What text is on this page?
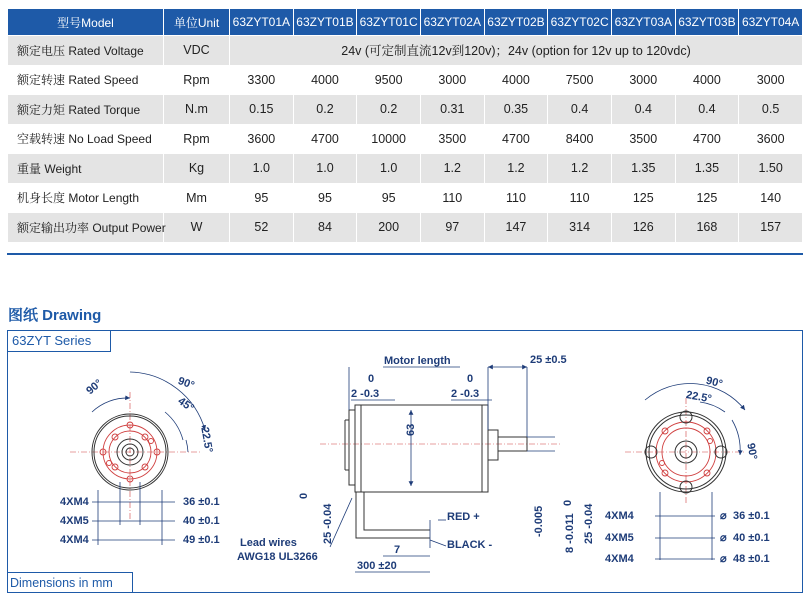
型号Model	单位Unit	63ZYT01A	63ZYT01B	63ZYT01C	63ZYT02A	63ZYT02B	63ZYT02C	63ZYT03A	63ZYT03B	63ZYT04A
额定电压 Rated Voltage	VDC	24v (可定制直流12v到120v)；24v (option for 12v up to 120vdc)								
额定转速 Rated Speed	Rpm	3300	4000	9500	3000	4000	7500	3000	4000	3000
额定力矩 Rated Torque	N.m	0.15	0.2	0.2	0.31	0.35	0.4	0.4	0.4	0.5
空载转速 No Load Speed	Rpm	3600	4700	10000	3500	4700	8400	3500	4700	3600
重量 Weight	Kg	1.0	1.0	1.0	1.2	1.2	1.2	1.35	1.35	1.50
机身长度 Motor Length	Mm	95	95	95	110	110	110	125	125	140
额定输出功率 Output Power	W	52	84	200	97	147	314	126	168	157
图纸 Drawing
63ZYT Series
Dimensions in mm
90°	90°
45°
22.5°
4XM4
4XM5
4XM4
36 ±0.1
40 ±0.1
49 ±0.1
Motor length	25 ±0.5
0
2 -0.3
0
2 -0.3
63
0
25 -0.04	-0.005 8 -0.011
0
25 -0.04
Lead wires
AWG18 UL3266
RED +
BLACK -
7
300 ±20
90°
22.5°
90°
4XM4
4XM5
4XM4
36 ±0.1
40 ±0.1
48 ±0.1
⌀
⌀
⌀
